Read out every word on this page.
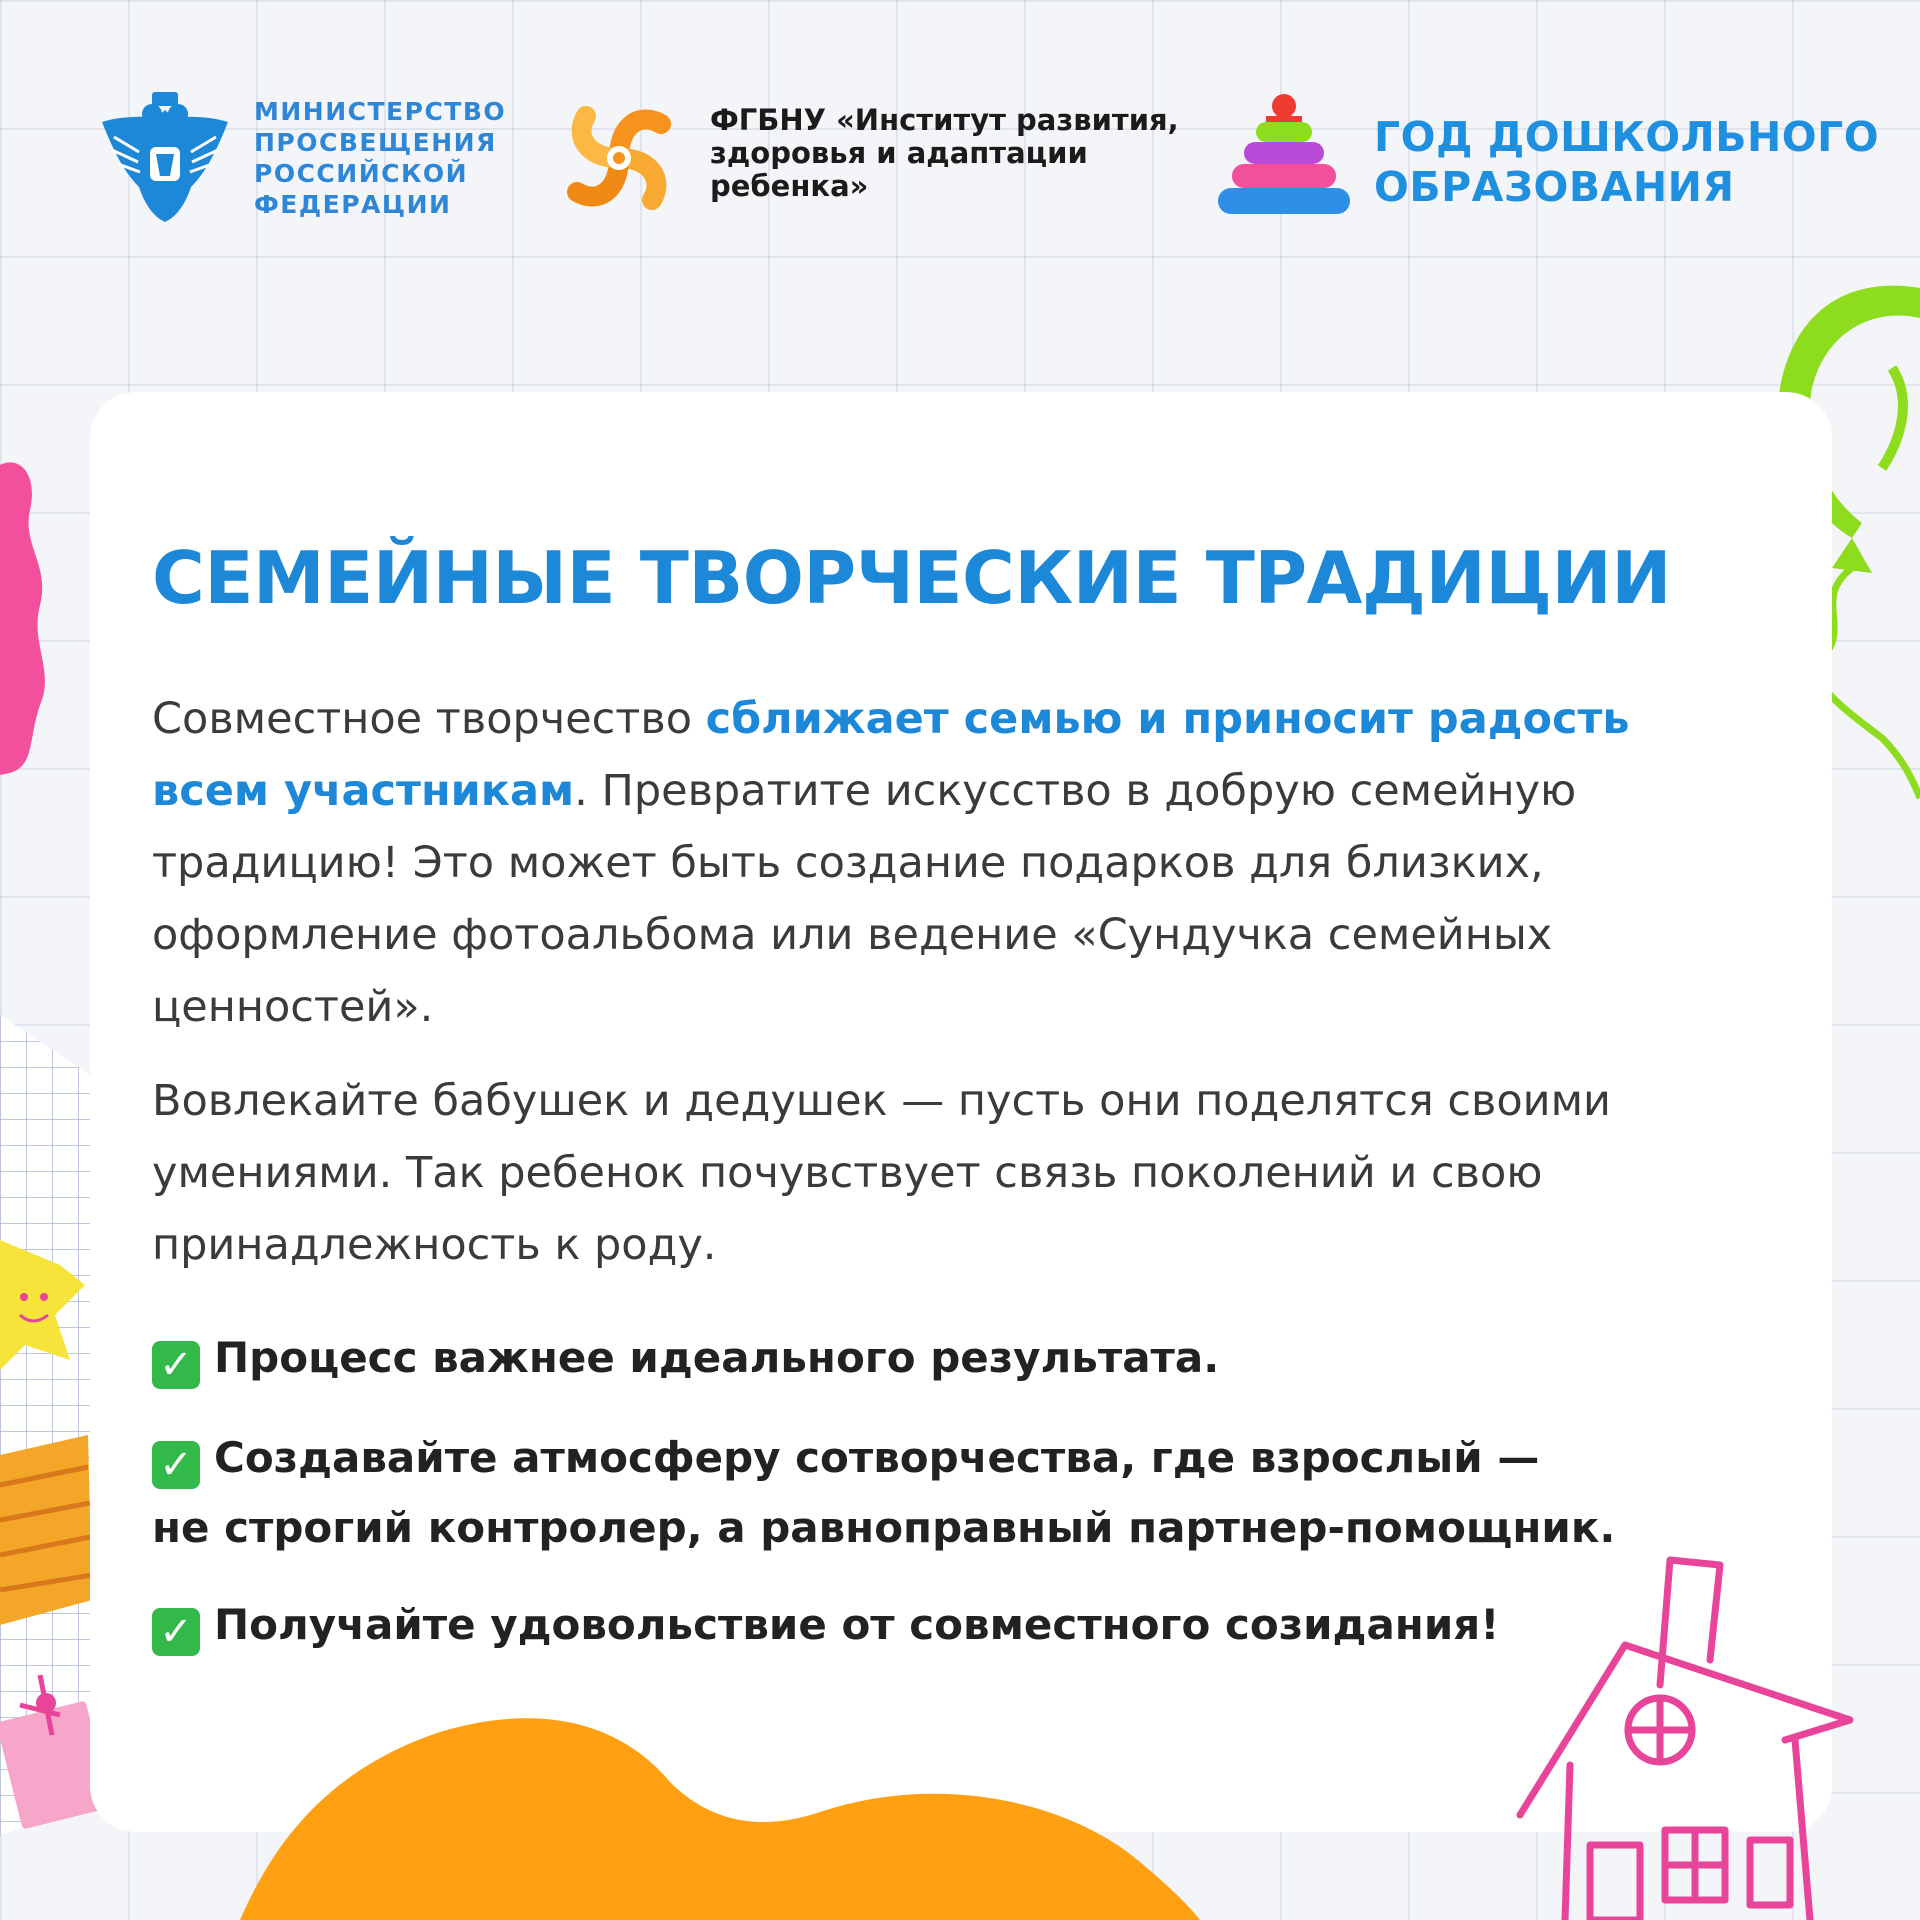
МИНИСТЕРСТВО
ПРОСВЕЩЕНИЯ
РОССИЙСКОЙ
ФЕДЕРАЦИИ
ФГБНУ «Институт развития,
здоровья и адаптации
ребенка»
ГОД ДОШКОЛЬНОГО
ОБРАЗОВАНИЯ
СЕМЕЙНЫЕ ТВОРЧЕСКИЕ ТРАДИЦИИ
Совместное творчество сближает семью и приносит радость
всем участникам. Превратите искусство в добрую семейную
традицию! Это может быть создание подарков для близких,
оформление фотоальбома или ведение «Сундучка семейных
ценностей».
Вовлекайте бабушек и дедушек — пусть они поделятся своими
умениями. Так ребенок почувствует связь поколений и свою
принадлежность к роду.
✓ Процесс важнее идеального результата.
✓ Создавайте атмосферу сотворчества, где взрослый —
не строгий контролер, а равноправный партнер-помощник.
✓ Получайте удовольствие от совместного созидания!
